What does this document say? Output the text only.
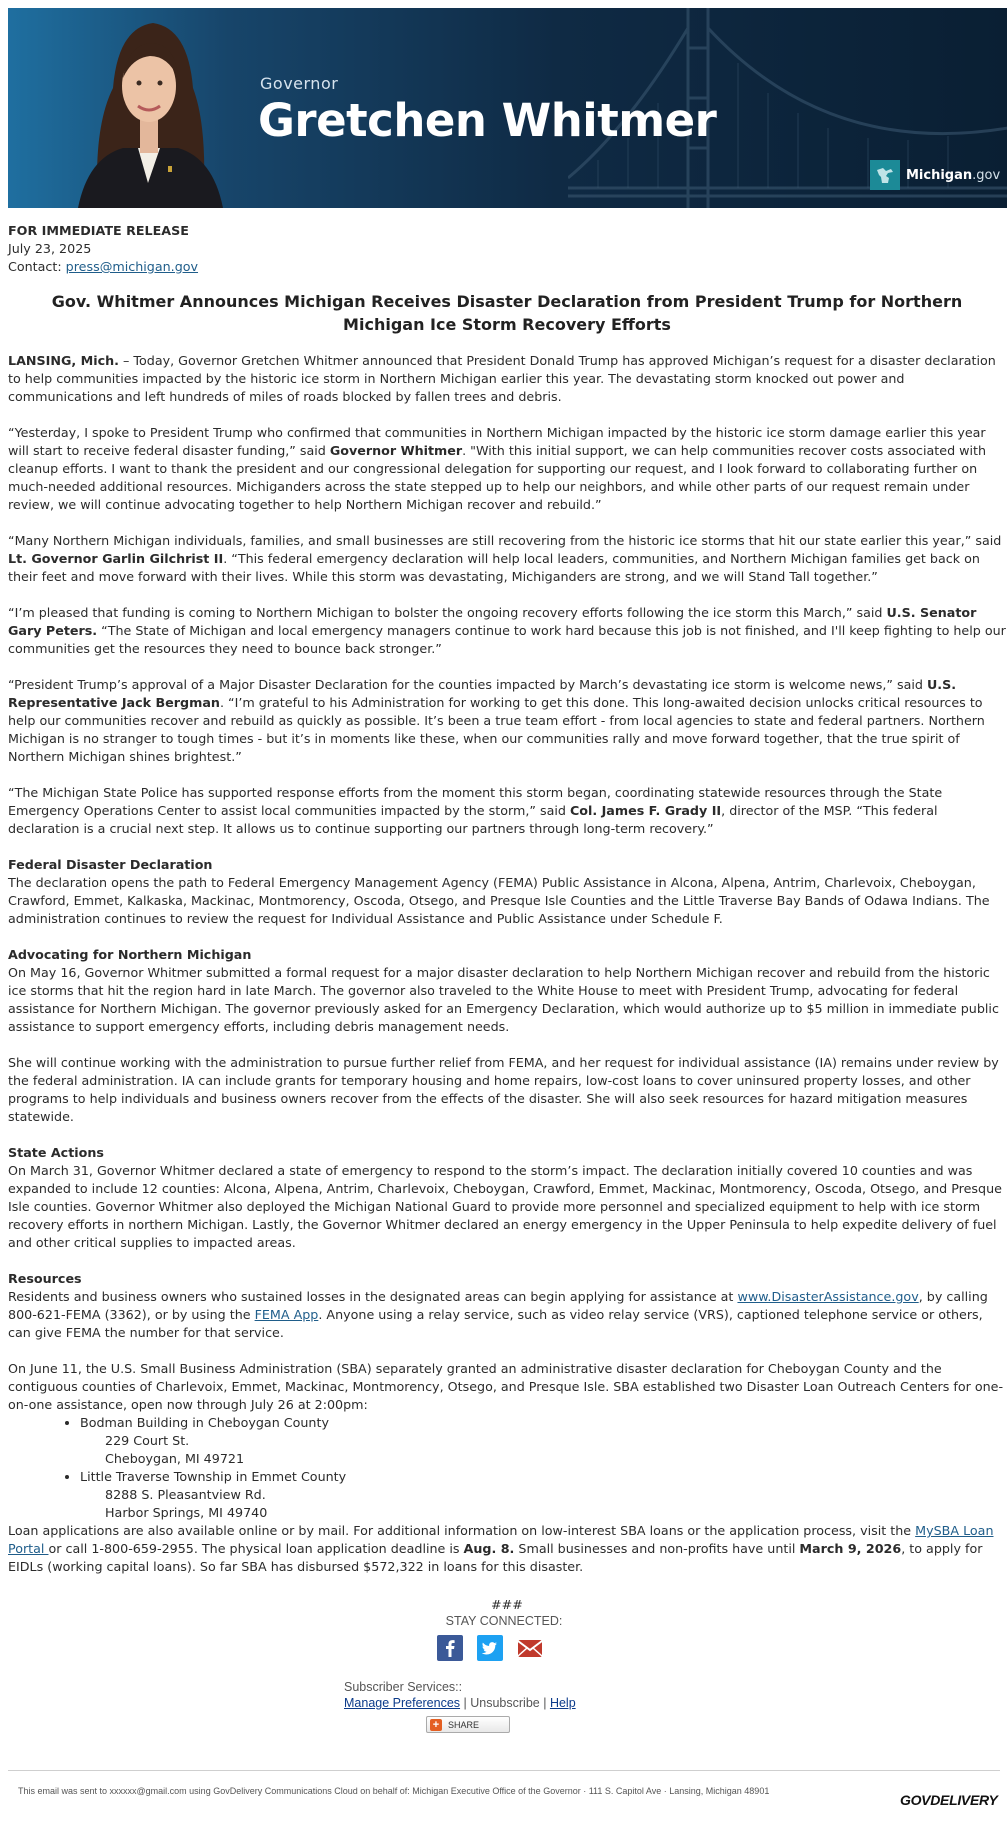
Governor
Gretchen Whitmer
Michigan.gov
FOR IMMEDIATE RELEASE
July 23, 2025
Contact: press@michigan.gov
Gov. Whitmer Announces Michigan Receives Disaster Declaration from President Trump for Northern Michigan Ice Storm Recovery Efforts

LANSING, Mich. – Today, Governor Gretchen Whitmer announced that President Donald Trump has approved Michigan’s request for a disaster declaration to help communities impacted by the historic ice storm in Northern Michigan earlier this year. The devastating storm knocked out power and communications and left hundreds of miles of roads blocked by fallen trees and debris.

“Yesterday, I spoke to President Trump who confirmed that communities in Northern Michigan impacted by the historic ice storm damage earlier this year will start to receive federal disaster funding,” said Governor Whitmer. "With this initial support, we can help communities recover costs associated with cleanup efforts. I want to thank the president and our congressional delegation for supporting our request, and I look forward to collaborating further on much-needed additional resources. Michiganders across the state stepped up to help our neighbors, and while other parts of our request remain under review, we will continue advocating together to help Northern Michigan recover and rebuild.”

“Many Northern Michigan individuals, families, and small businesses are still recovering from the historic ice storms that hit our state earlier this year,” said Lt. Governor Garlin Gilchrist II. “This federal emergency declaration will help local leaders, communities, and Northern Michigan families get back on their feet and move forward with their lives. While this storm was devastating, Michiganders are strong, and we will Stand Tall together.”

“I’m pleased that funding is coming to Northern Michigan to bolster the ongoing recovery efforts following the ice storm this March,” said U.S. Senator Gary Peters. “The State of Michigan and local emergency managers continue to work hard because this job is not finished, and I'll keep fighting to help our communities get the resources they need to bounce back stronger.”

“President Trump’s approval of a Major Disaster Declaration for the counties impacted by March’s devastating ice storm is welcome news,” said U.S. Representative Jack Bergman. “I’m grateful to his Administration for working to get this done. This long-awaited decision unlocks critical resources to help our communities recover and rebuild as quickly as possible. It’s been a true team effort - from local agencies to state and federal partners. Northern Michigan is no stranger to tough times - but it’s in moments like these, when our communities rally and move forward together, that the true spirit of Northern Michigan shines brightest.”

“The Michigan State Police has supported response efforts from the moment this storm began, coordinating statewide resources through the State Emergency Operations Center to assist local communities impacted by the storm,” said Col. James F. Grady II, director of the MSP. “This federal declaration is a crucial next step. It allows us to continue supporting our partners through long-term recovery.”

Federal Disaster Declaration

The declaration opens the path to Federal Emergency Management Agency (FEMA) Public Assistance in Alcona, Alpena, Antrim, Charlevoix, Cheboygan, Crawford, Emmet, Kalkaska, Mackinac, Montmorency, Oscoda, Otsego, and Presque Isle Counties and the Little Traverse Bay Bands of Odawa Indians. The administration continues to review the request for Individual Assistance and Public Assistance under Schedule F.

Advocating for Northern Michigan

On May 16, Governor Whitmer submitted a formal request for a major disaster declaration to help Northern Michigan recover and rebuild from the historic ice storms that hit the region hard in late March. The governor also traveled to the White House to meet with President Trump, advocating for federal assistance for Northern Michigan. The governor previously asked for an Emergency Declaration, which would authorize up to $5 million in immediate public assistance to support emergency efforts, including debris management needs.

She will continue working with the administration to pursue further relief from FEMA, and her request for individual assistance (IA) remains under review by the federal administration. IA can include grants for temporary housing and home repairs, low-cost loans to cover uninsured property losses, and other programs to help individuals and business owners recover from the effects of the disaster. She will also seek resources for hazard mitigation measures statewide.

State Actions

On March 31, Governor Whitmer declared a state of emergency to respond to the storm’s impact. The declaration initially covered 10 counties and was expanded to include 12 counties: Alcona, Alpena, Antrim, Charlevoix, Cheboygan, Crawford, Emmet, Mackinac, Montmorency, Oscoda, Otsego, and Presque Isle counties. Governor Whitmer also deployed the Michigan National Guard to provide more personnel and specialized equipment to help with ice storm recovery efforts in northern Michigan. Lastly, the Governor Whitmer declared an energy emergency in the Upper Peninsula to help expedite delivery of fuel and other critical supplies to impacted areas.

Resources

Residents and business owners who sustained losses in the designated areas can begin applying for assistance at www.DisasterAssistance.gov, by calling 800-621-FEMA (3362), or by using the FEMA App. Anyone using a relay service, such as video relay service (VRS), captioned telephone service or others, can give FEMA the number for that service.

On June 11, the U.S. Small Business Administration (SBA) separately granted an administrative disaster declaration for Cheboygan County and the contiguous counties of Charlevoix, Emmet, Mackinac, Montmorency, Otsego, and Presque Isle. SBA established two Disaster Loan Outreach Centers for one-on-one assistance, open now through July 26 at 2:00pm:
• Bodman Building in Cheboygan County
229 Court St.
Cheboygan, MI 49721
• Little Traverse Township in Emmet County
8288 S. Pleasantview Rd.
Harbor Springs, MI 49740
Loan applications are also available online or by mail. For additional information on low-interest SBA loans or the application process, visit the MySBA Loan Portal or call 1-800-659-2955. The physical loan application deadline is Aug. 8. Small businesses and non-profits have until March 9, 2026, to apply for EIDLs (working capital loans). So far SBA has disbursed $572,322 in loans for this disaster.
###
STAY CONNECTED:
Subscriber Services::
Manage Preferences | Unsubscribe | Help
+ SHARE
This email was sent to xxxxxx@gmail.com using GovDelivery Communications Cloud on behalf of: Michigan Executive Office of the Governor · 111 S. Capitol Ave · Lansing, Michigan 48901
GOVDELIVERY
